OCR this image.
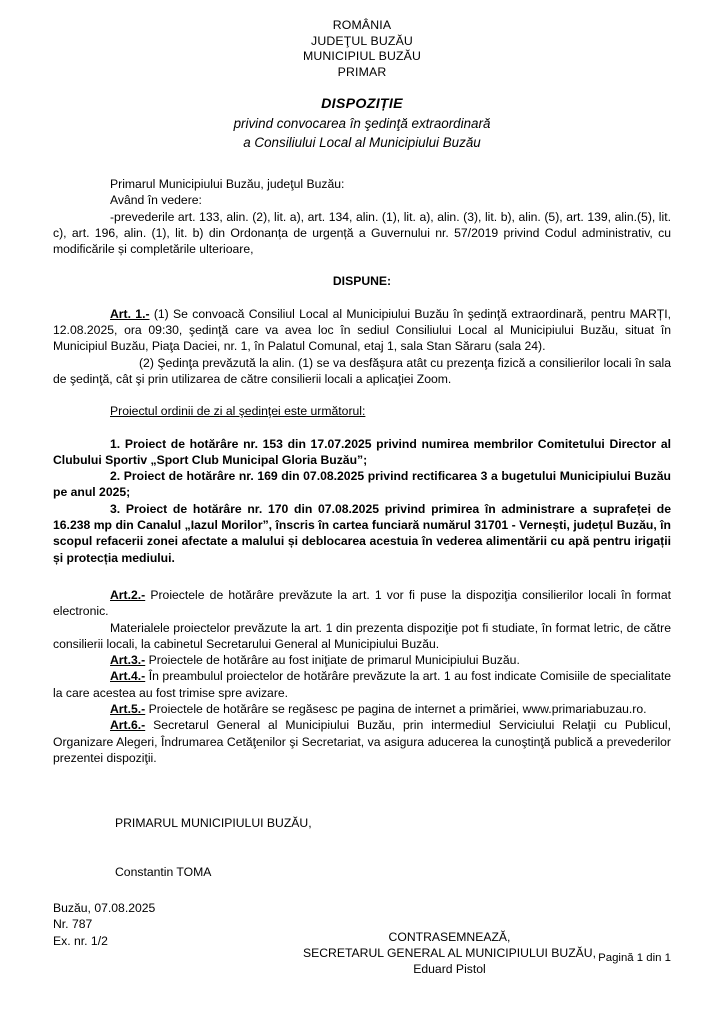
ROMÂNIA
JUDEŢUL BUZĂU
MUNICIPIUL BUZĂU
PRIMAR
DISPOZIȚIE
privind convocarea în şedinţă extraordinară
a Consiliului Local al Municipiului Buzău

Primarul Municipiului Buzău, judeţul Buzău:

Având în vedere:

-prevederile art. 133, alin. (2), lit. a), art. 134, alin. (1), lit. a), alin. (3), lit. b), alin. (5), art. 139, alin.(5), lit. c), art. 196, alin. (1), lit. b) din Ordonanța de urgență a Guvernului nr. 57/2019 privind Codul administrativ, cu modificările și completările ulterioare,

DISPUNE:

Art. 1.- (1) Se convoacă Consiliul Local al Municipiului Buzău în şedinţă extraordinară, pentru MARȚI, 12.08.2025, ora 09:30, şedinţă care va avea loc în sediul Consiliului Local al Municipiului Buzău, situat în Municipiul Buzău, Piaţa Daciei, nr. 1, în Palatul Comunal, etaj 1, sala Stan Săraru (sala 24).

(2) Şedinţa prevăzută la alin. (1) se va desfăşura atât cu prezenţa fizică a consilierilor locali în sala de şedinţă, cât şi prin utilizarea de către consilierii locali a aplicaţiei Zoom.

Proiectul ordinii de zi al şedinţei este următorul:

1. Proiect de hotărâre nr. 153 din 17.07.2025 privind numirea membrilor Comitetului Director al Clubului Sportiv „Sport Club Municipal Gloria Buzău”;

2. Proiect de hotărâre nr. 169 din 07.08.2025 privind rectificarea 3 a bugetului Municipiului Buzău pe anul 2025;

3. Proiect de hotărâre nr. 170 din 07.08.2025 privind primirea în administrare a suprafeței de 16.238 mp din Canalul „Iazul Morilor”, înscris în cartea funciară numărul 31701 - Vernești, județul Buzău, în scopul refacerii zonei afectate a malului și deblocarea acestuia în vederea alimentării cu apă pentru irigații și protecția mediului.

Art.2.- Proiectele de hotărâre prevăzute la art. 1 vor fi puse la dispoziţia consilierilor locali în format electronic.

Materialele proiectelor prevăzute la art. 1 din prezenta dispoziţie pot fi studiate, în format letric, de către consilierii locali, la cabinetul Secretarului General al Municipiului Buzău.

Art.3.- Proiectele de hotărâre au fost iniţiate de primarul Municipiului Buzău.

Art.4.- În preambulul proiectelor de hotărâre prevăzute la art. 1 au fost indicate Comisiile de specialitate la care acestea au fost trimise spre avizare.

Art.5.- Proiectele de hotărâre se regăsesc pe pagina de internet a primăriei, www.primariabuzau.ro.

Art.6.- Secretarul General al Municipiului Buzău, prin intermediul Serviciului Relaţii cu Publicul, Organizare Alegeri, Îndrumarea Cetăţenilor şi Secretariat, va asigura aducerea la cunoştinţă publică a prevederilor prezentei dispoziţii.

PRIMARUL MUNICIPIULUI BUZĂU,

Constantin TOMA

CONTRASEMNEAZĂ,
SECRETARUL GENERAL AL MUNICIPIULUI BUZĂU,
Eduard Pistol
Buzău, 07.08.2025
Nr. 787
Ex. nr. 1/2
Pagină 1 din 1
